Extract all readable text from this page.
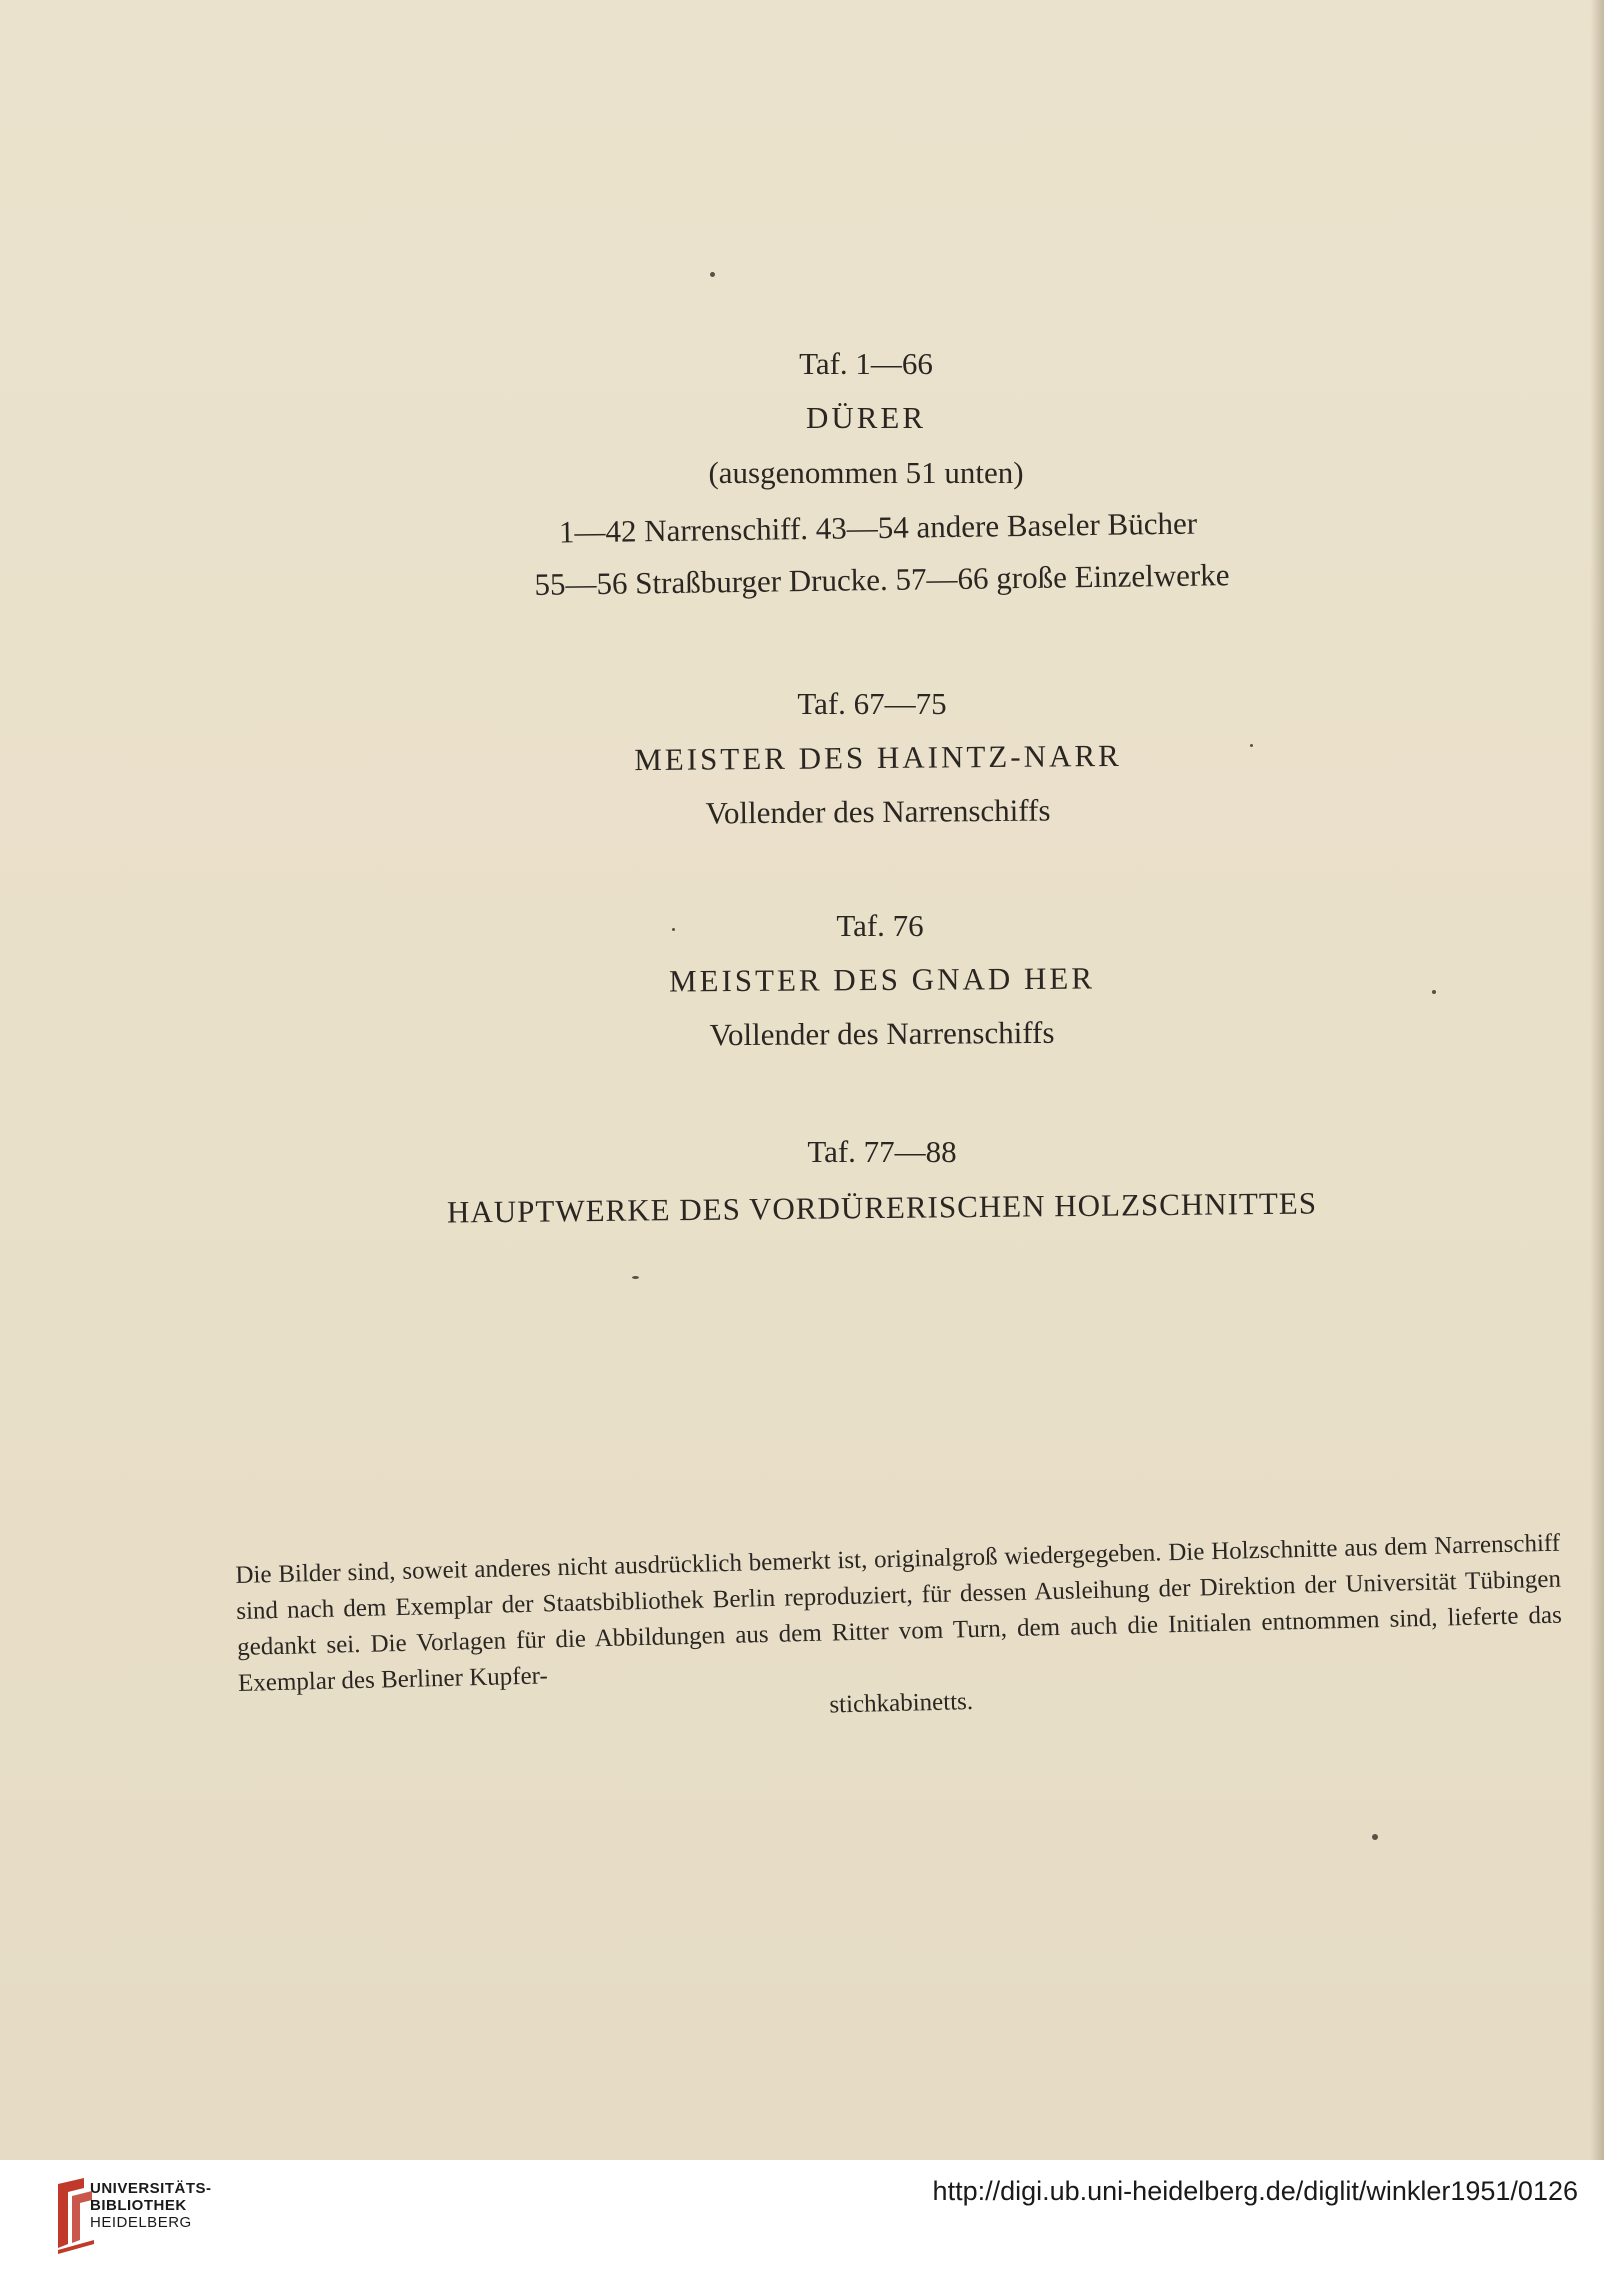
Taf. 1—66
DÜRER
(ausgenommen 51 unten)
1—42 Narrenschiff. 43—54 andere Baseler Bücher
55—56 Straßburger Drucke. 57—66 große Einzelwerke
Taf. 67—75
MEISTER DES HAINTZ-NARR
Vollender des Narrenschiffs
Taf. 76
MEISTER DES GNAD HER
Vollender des Narrenschiffs
Taf. 77—88
HAUPTWERKE DES VORDÜRERISCHEN HOLZSCHNITTES
Die Bilder sind, soweit anderes nicht ausdrücklich bemerkt ist, originalgroß wiedergegeben. Die Holzschnitte aus dem Narrenschiff sind nach dem Exemplar der Staatsbibliothek Berlin reproduziert, für dessen Ausleihung der Direktion der Universität Tübingen gedankt sei. Die Vorlagen für die Abbildungen aus dem Ritter vom Turn, dem auch die Initialen entnommen sind, lieferte das Exemplar des Berliner Kupfer-
stichkabinetts.
UNIVERSITÄTS-
BIBLIOTHEK
HEIDELBERG
http://digi.ub.uni-heidelberg.de/diglit/winkler1951/0126
